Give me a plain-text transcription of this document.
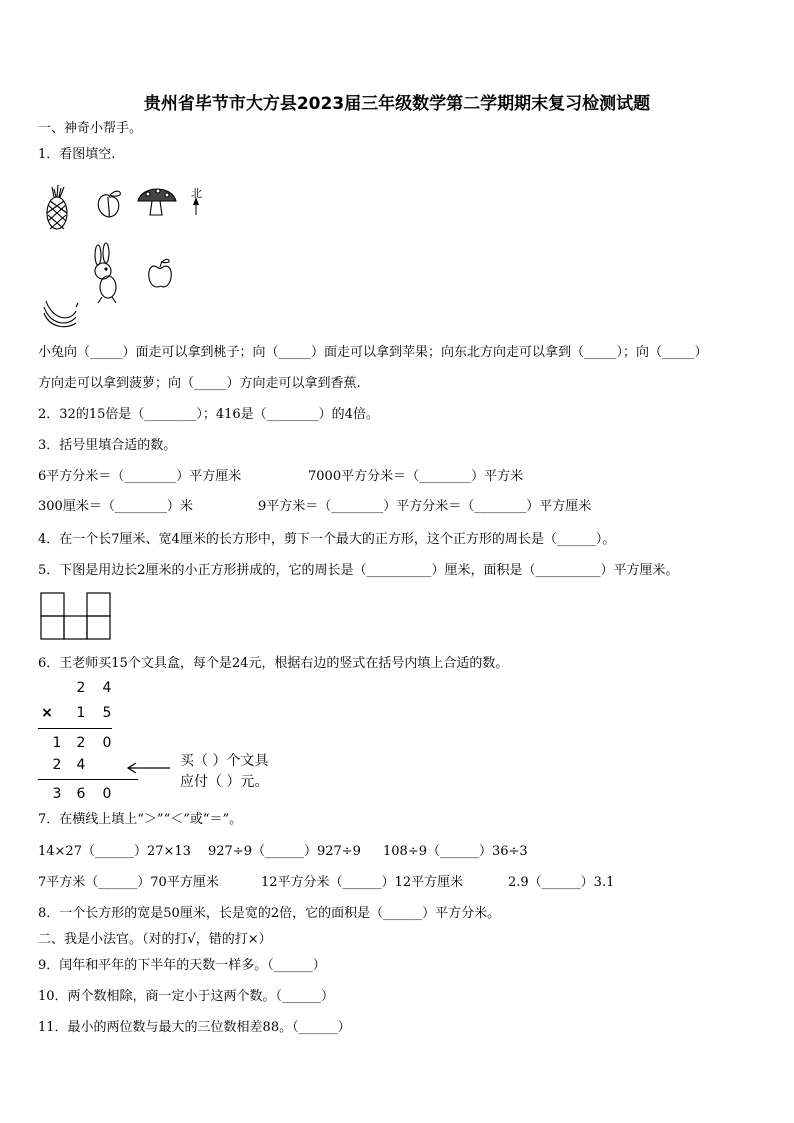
贵州省毕节市大方县2023届三年级数学第二学期期末复习检测试题
一、神奇小帮手。
1．看图填空.
北
小兔向（_____）面走可以拿到桃子；向（_____）面走可以拿到苹果；向东北方向走可以拿到（_____）；向（_____）
方向走可以拿到菠萝；向（_____）方向走可以拿到香蕉.
2．32的15倍是（________）；416是（________）的4倍。
3．括号里填合适的数。
6平方分米＝（________）平方厘米	7000平方分米＝（________）平方米
300厘米＝（________）米	9平方米＝（________）平方分米＝（________）平方厘米
4．在一个长7厘米、宽4厘米的长方形中，剪下一个最大的正方形，这个正方形的周长是（______）。
5．下图是用边长2厘米的小正方形拼成的，它的周长是（__________）厘米，面积是（__________）平方厘米。
6．王老师买15个文具盒，每个是24元，根据右边的竖式在括号内填上合适的数。
2 4
× 1 5
1 2 0
2 4
3 6 0
买（ ）个文具
应付（ ）元。
7．在横线上填上“＞”“＜”或“＝”。
14×27（______）27×13 927÷9（______）927÷9 108÷9（______）36÷3
7平方米（______）70平方厘米	12平方分米（______）12平方厘米	2.9（______）3.1
8．一个长方形的宽是50厘米，长是宽的2倍，它的面积是（______）平方分米。
二、我是小法官。（对的打√，错的打×）
9．闰年和平年的下半年的天数一样多。（______）
10．两个数相除，商一定小于这两个数。（______）
11．最小的两位数与最大的三位数相差88。（______）
